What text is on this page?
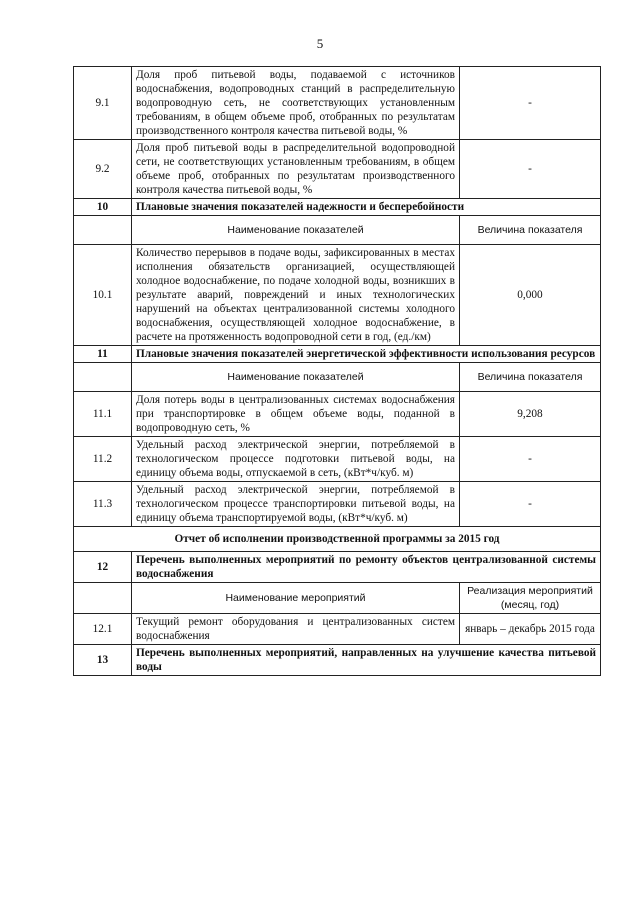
5
9.1	Доля проб питьевой воды, подаваемой с источников водоснабжения, водопроводных станций в распределительную водопроводную сеть, не соответствующих установленным требованиям, в общем объеме проб, отобранных по результатам производственного контроля качества питьевой воды, %	-
9.2	Доля проб питьевой воды в распределительной водопроводной сети, не соответствующих установленным требованиям, в общем объеме проб, отобранных по результатам производственного контроля качества питьевой воды, %	-
10	Плановые значения показателей надежности и бесперебойности	
	Наименование показателей	Величина показателя
10.1	Количество перерывов в подаче воды, зафиксированных в местах исполнения обязательств организацией, осуществляющей холодное водоснабжение, по подаче холодной воды, возникших в результате аварий, повреждений и иных технологических нарушений на объектах централизованной системы холодного водоснабжения, осуществляющей холодное водоснабжение, в расчете на протяженность водопроводной сети в год, (ед./км)	0,000
11	Плановые значения показателей энергетической эффективности использования ресурсов	
	Наименование показателей	Величина показателя
11.1	Доля потерь воды в централизованных системах водоснабжения при транспортировке в общем объеме воды, поданной в водопроводную сеть, %	9,208
11.2	Удельный расход электрической энергии, потребляемой в технологическом процессе подготовки питьевой воды, на единицу объема воды, отпускаемой в сеть, (кВт*ч/куб. м)	-
11.3	Удельный расход электрической энергии, потребляемой в технологическом процессе транспортировки питьевой воды, на единицу объема транспортируемой воды, (кВт*ч/куб. м)	-
Отчет об исполнении производственной программы за 2015 год		
12	Перечень выполненных мероприятий по ремонту объектов централизованной системы водоснабжения	
	Наименование мероприятий	Реализация мероприятий (месяц, год)
12.1	Текущий ремонт оборудования и централизованных систем водоснабжения	январь – декабрь 2015 года
13	Перечень выполненных мероприятий, направленных на улучшение качества питьевой воды	
